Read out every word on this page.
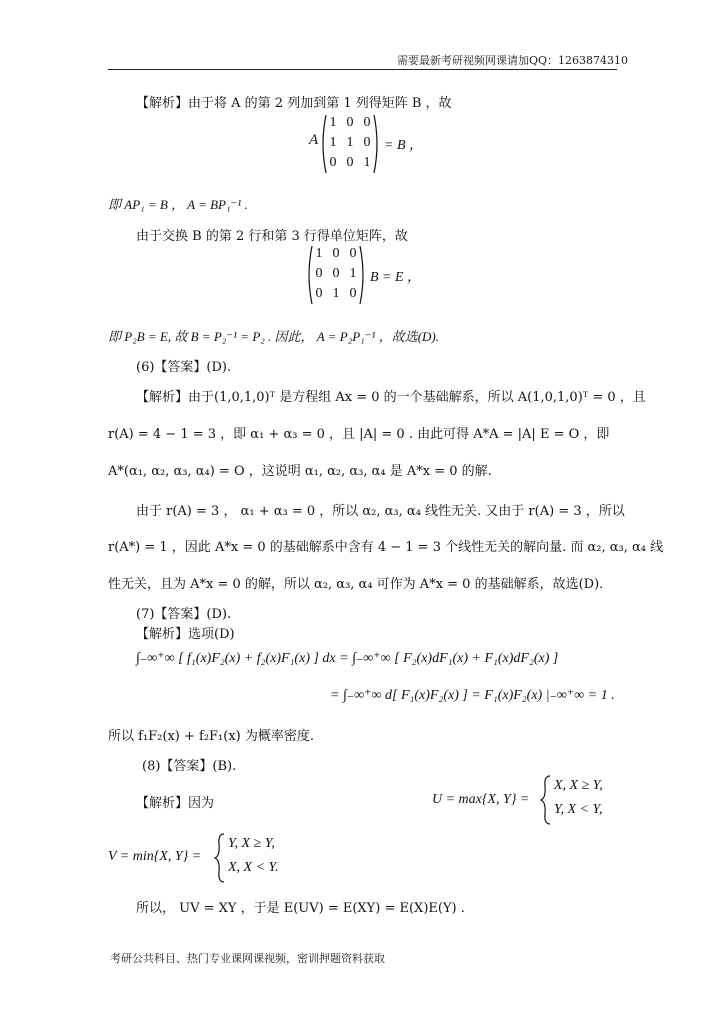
需要最新考研视频网课请加QQ：1263874310
【解析】由于将 A 的第 2 列加到第 1 列得矩阵 B ，故
A
1 0 0
1 1 0
0 0 1
= B ，
即 AP₁ = B ， A = BP₁⁻¹ .
由于交换 B 的第 2 行和第 3 行得单位矩阵，故
1 0 0
0 0 1
0 1 0
B = E ，
即 P₂B = E, 故 B = P₂⁻¹ = P₂ . 因此， A = P₂P₁⁻¹ ，故选(D).
(6)【答案】(D).
【解析】由于(1,0,1,0)ᵀ 是方程组 Ax = 0 的一个基础解系，所以 A(1,0,1,0)ᵀ = 0 ，且
r(A) = 4 − 1 = 3 ，即 α₁ + α₃ = 0 ，且 |A| = 0 . 由此可得 A*A = |A| E = O ，即
A*(α₁, α₂, α₃, α₄) = O ，这说明 α₁, α₂, α₃, α₄ 是 A*x = 0 的解.
由于 r(A) = 3 ， α₁ + α₃ = 0 ，所以 α₂, α₃, α₄ 线性无关. 又由于 r(A) = 3 ，所以
r(A*) = 1 ，因此 A*x = 0 的基础解系中含有 4 − 1 = 3 个线性无关的解向量. 而 α₂, α₃, α₄ 线
性无关，且为 A*x = 0 的解，所以 α₂, α₃, α₄ 可作为 A*x = 0 的基础解系，故选(D).
(7)【答案】(D).
【解析】选项(D)
∫₋∞⁺∞ [ f₁(x)F₂(x) + f₂(x)F₁(x) ] dx = ∫₋∞⁺∞ [ F₂(x)dF₁(x) + F₁(x)dF₂(x) ]
= ∫₋∞⁺∞ d[ F₁(x)F₂(x) ] = F₁(x)F₂(x) |₋∞⁺∞ = 1 .
所以 f₁F₂(x) + f₂F₁(x) 为概率密度.
(8)【答案】(B).
【解析】因为	U = max{X, Y} =
X, X ≥ Y,
Y, X < Y,
V = min{X, Y} =
Y, X ≥ Y,
X, X < Y.
所以， UV = XY ，于是 E(UV) = E(XY) = E(X)E(Y) .
考研公共科目、热门专业课网课视频，密训押题资料获取
